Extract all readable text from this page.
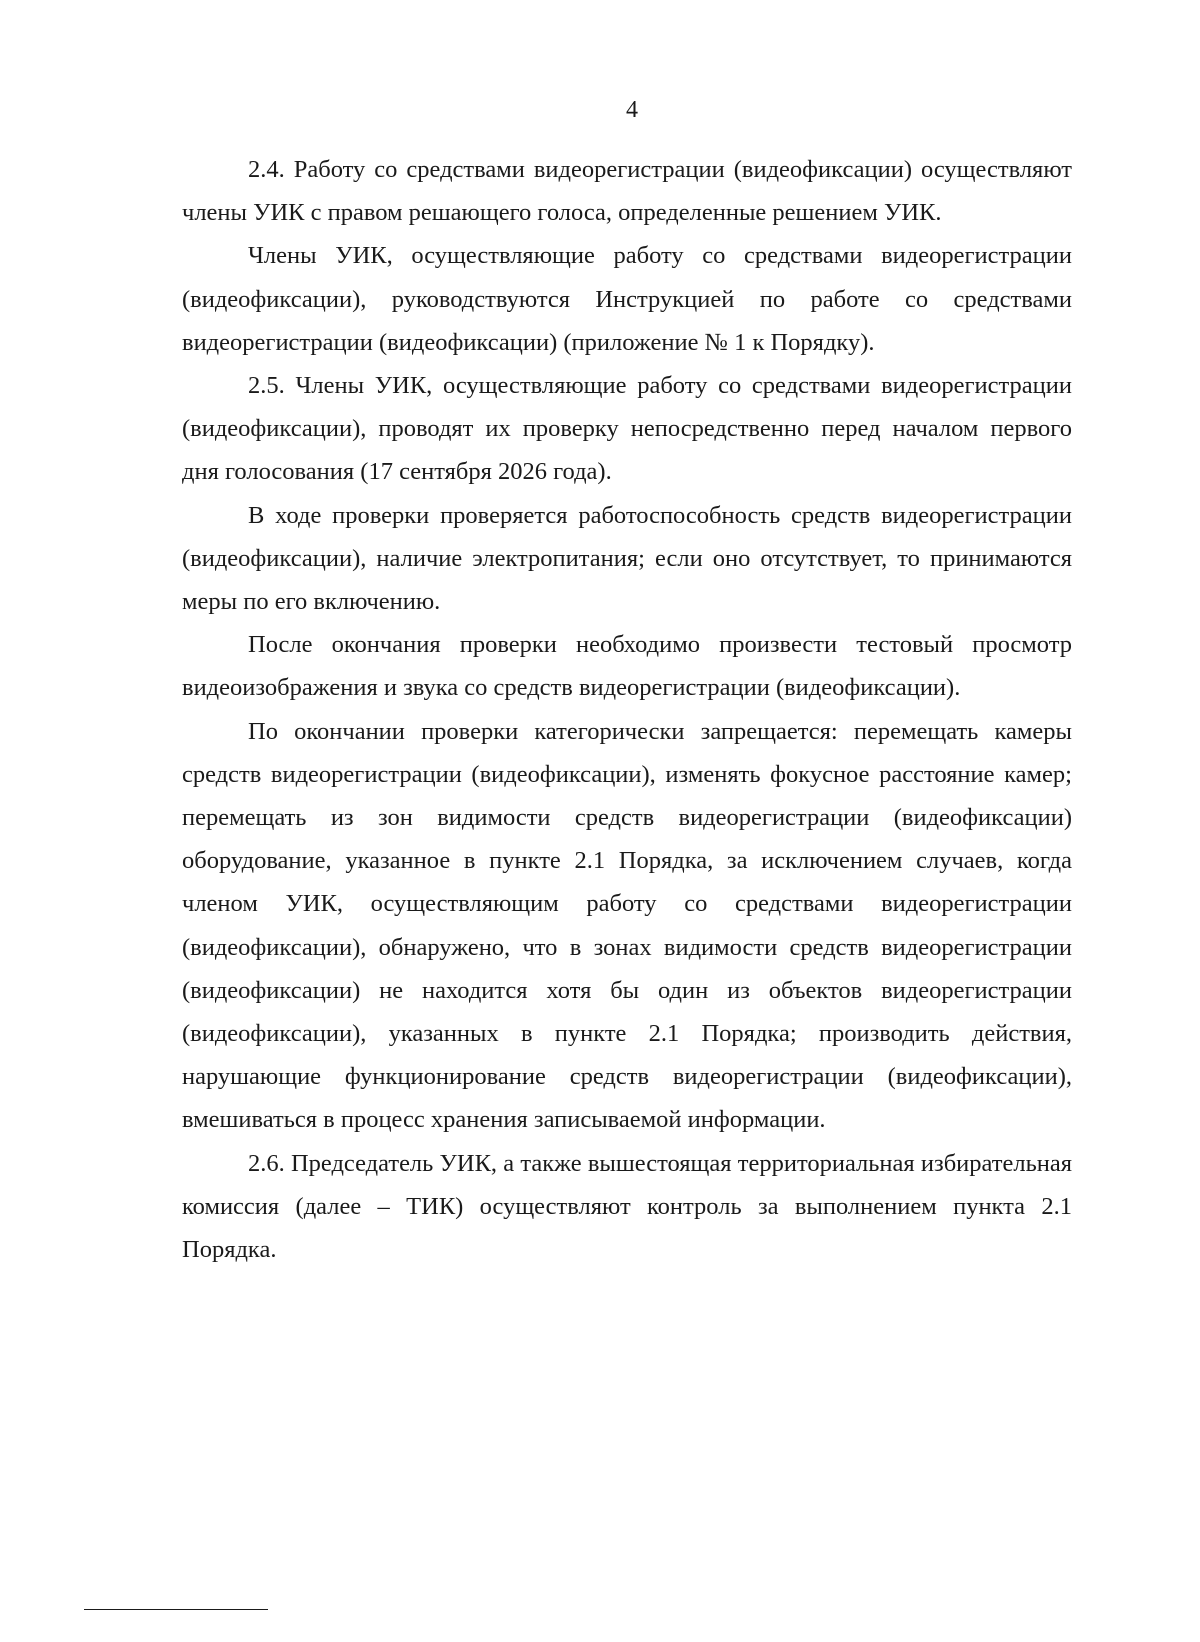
4

2.4. Работу со средствами видеорегистрации (видеофиксации) осуществляют члены УИК с правом решающего голоса, определенные решением УИК.

Члены УИК, осуществляющие работу со средствами видеорегистрации (видеофиксации), руководствуются Инструкцией по работе со средствами видеорегистрации (видеофиксации) (приложение № 1 к Порядку).

2.5. Члены УИК, осуществляющие работу со средствами видеорегистрации (видеофиксации), проводят их проверку непосредственно перед началом первого дня голосования (17 сентября 2026 года).

В ходе проверки проверяется работоспособность средств видеорегистрации (видеофиксации), наличие электропитания; если оно отсутствует, то принимаются меры по его включению.

После окончания проверки необходимо произвести тестовый просмотр видеоизображения и звука со средств видеорегистрации (видеофиксации).

По окончании проверки категорически запрещается: перемещать камеры средств видеорегистрации (видеофиксации), изменять фокусное расстояние камер; перемещать из зон видимости средств видеорегистрации (видеофиксации) оборудование, указанное в пункте 2.1 Порядка, за исключением случаев, когда членом УИК, осуществляющим работу со средствами видеорегистрации (видеофиксации), обнаружено, что в зонах видимости средств видеорегистрации (видеофиксации) не находится хотя бы один из объектов видеорегистрации (видеофиксации), указанных в пункте 2.1 Порядка; производить действия, нарушающие функционирование средств видеорегистрации (видеофиксации), вмешиваться в процесс хранения записываемой информации.

2.6. Председатель УИК, а также вышестоящая территориальная избирательная комиссия (далее – ТИК) осуществляют контроль за выполнением пункта 2.1 Порядка.
